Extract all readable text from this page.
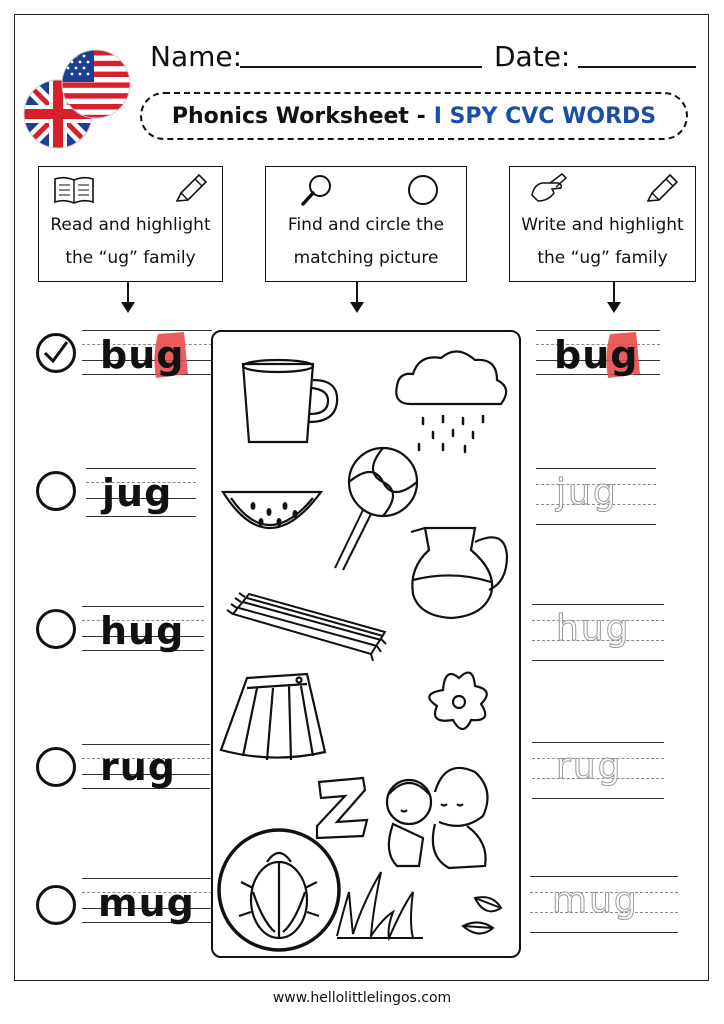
Name:	Date:
Phonics Worksheet - I SPY CVC WORDS
Read and highlight
the “ug” family
Find and circle the
matching picture
Write and highlight
the “ug” family
bug
jug
hug
rug
mug
bug
jug
hug
rug
mug
www.hellolittlelingos.com
